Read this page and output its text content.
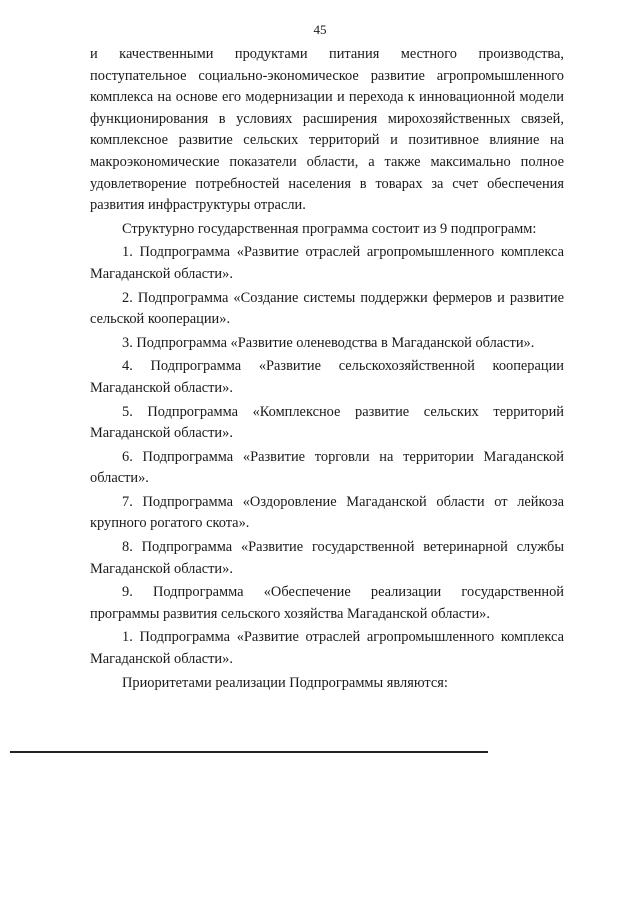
45

и качественными продуктами питания местного производства, поступательное социально-экономическое развитие агропромышленного комплекса на основе его модернизации и перехода к инновационной модели функционирования в условиях расширения мирохозяйственных связей, комплексное развитие сельских территорий и позитивное влияние на макроэкономические показатели области, а также максимально полное удовлетворение потребностей населения в товарах за счет обеспечения развития инфраструктуры отрасли.

Структурно государственная программа состоит из 9 подпрограмм:

1. Подпрограмма «Развитие отраслей агропромышленного комплекса Магаданской области».

2. Подпрограмма «Создание системы поддержки фермеров и развитие сельской кооперации».

3. Подпрограмма «Развитие оленеводства в Магаданской области».

4. Подпрограмма «Развитие сельскохозяйственной кооперации Магаданской области».

5. Подпрограмма «Комплексное развитие сельских территорий Магаданской области».

6. Подпрограмма «Развитие торговли на территории Магаданской области».

7. Подпрограмма «Оздоровление Магаданской области от лейкоза крупного рогатого скота».

8. Подпрограмма «Развитие государственной ветеринарной службы Магаданской области».

9. Подпрограмма «Обеспечение реализации государственной программы развития сельского хозяйства Магаданской области».

1. Подпрограмма «Развитие отраслей агропромышленного комплекса Магаданской области».

Приоритетами реализации Подпрограммы являются:
